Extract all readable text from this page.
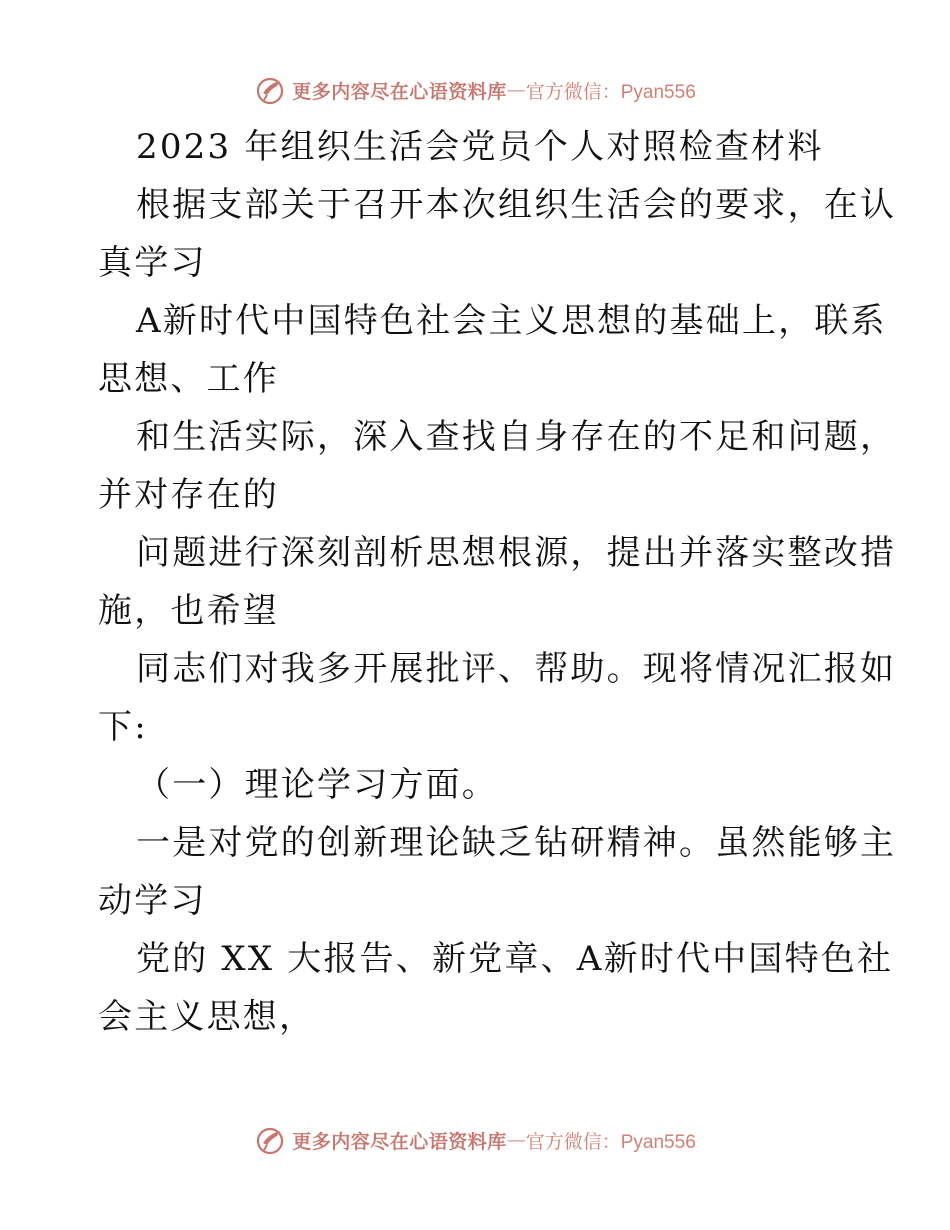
更多内容尽在心语资料库 — 官方微信：Pyan556
2023 年组织生活会党员个人对照检查材料
根据支部关于召开本次组织生活会的要求，在认
真学习
A新时代中国特色社会主义思想的基础上，联系
思想、工作
和生活实际，深入查找自身存在的不足和问题，
并对存在的
问题进行深刻剖析思想根源，提出并落实整改措
施，也希望
同志们对我多开展批评、帮助。现将情况汇报如
下:
（一）理论学习方面。
一是对党的创新理论缺乏钻研精神。虽然能够主
动学习
党的 XX 大报告、新党章、A新时代中国特色社
会主义思想，
更多内容尽在心语资料库 — 官方微信：Pyan556
